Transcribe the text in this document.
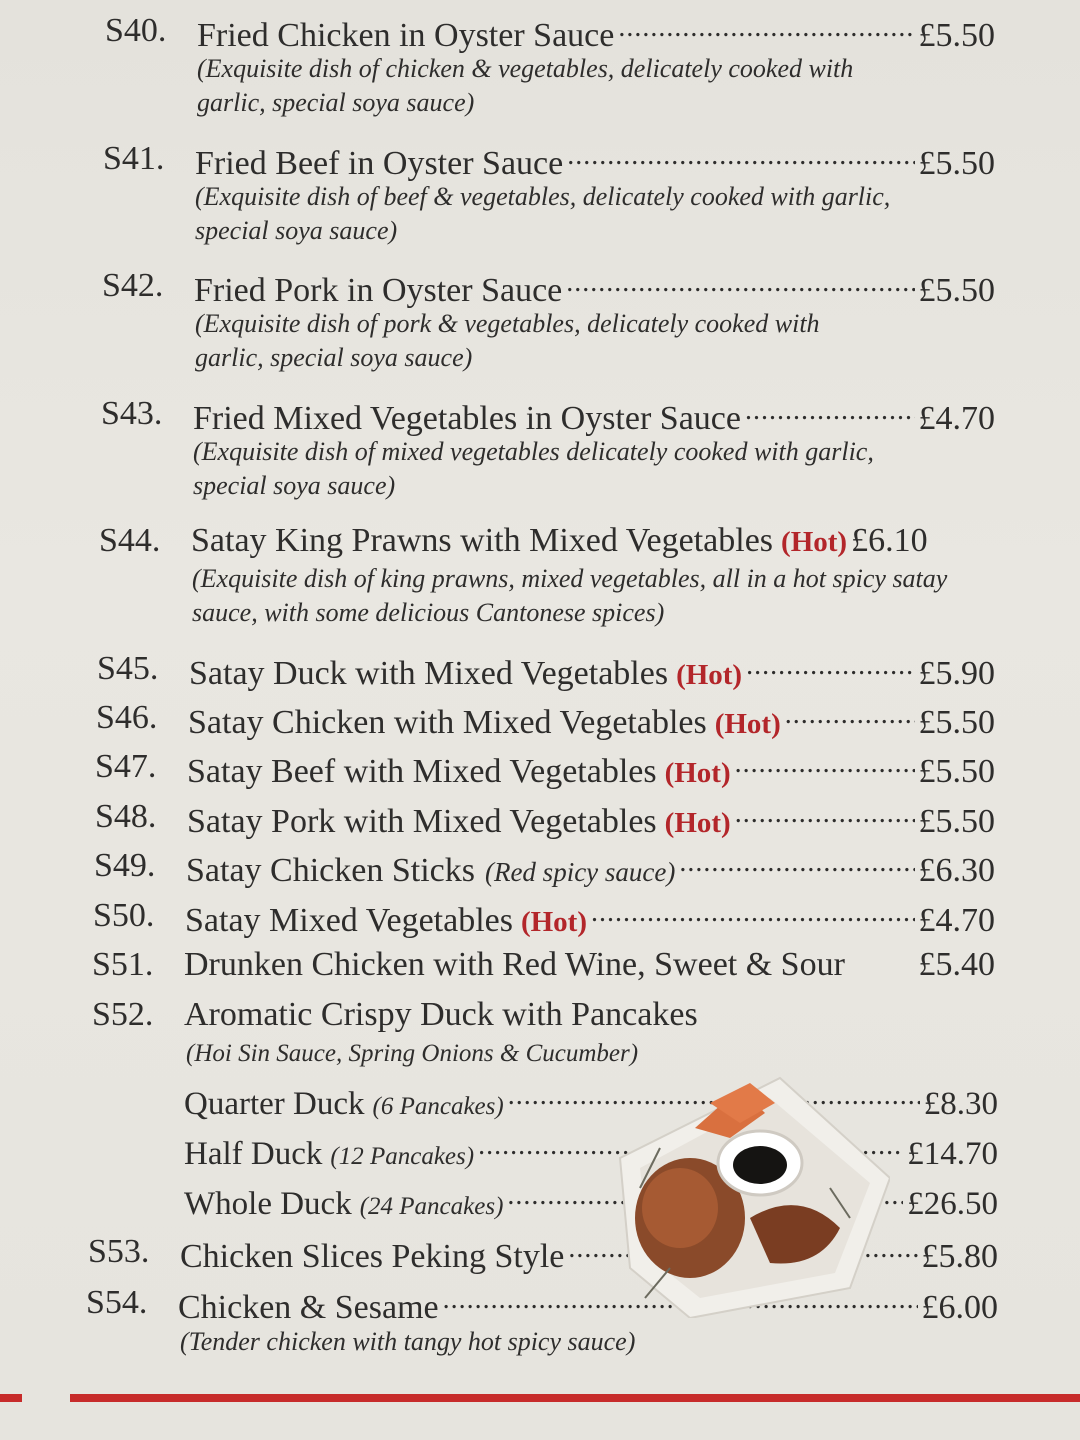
S40. Fried Chicken in Oyster Sauce .....	£5.50
(Exquisite dish of chicken & vegetables, delicately cooked with garlic, special soya sauce)
S41. Fried Beef in Oyster Sauce .....	£5.50
(Exquisite dish of beef & vegetables, delicately cooked with garlic, special soya sauce)
S42. Fried Pork in Oyster Sauce .....	£5.50
(Exquisite dish of pork & vegetables, delicately cooked with garlic, special soya sauce)
S43. Fried Mixed Vegetables in Oyster Sauce .....	£4.70
(Exquisite dish of mixed vegetables delicately cooked with garlic, special soya sauce)
S44. Satay King Prawns with Mixed Vegetables (Hot) £6.10
(Exquisite dish of king prawns, mixed vegetables, all in a hot spicy satay sauce, with some delicious Cantonese spices)
S45. Satay Duck with Mixed Vegetables (Hot) .....	£5.90
S46. Satay Chicken with Mixed Vegetables (Hot) .....	£5.50
S47. Satay Beef with Mixed Vegetables (Hot) .....	£5.50
S48. Satay Pork with Mixed Vegetables (Hot) .....	£5.50
S49. Satay Chicken Sticks (Red spicy sauce) .....	£6.30
S50. Satay Mixed Vegetables (Hot) .....	£4.70
S51. Drunken Chicken with Red Wine, Sweet & Sour £5.40
S52. Aromatic Crispy Duck with Pancakes
(Hoi Sin Sauce, Spring Onions & Cucumber)
Quarter Duck (6 Pancakes) .....	£8.30
Half Duck (12 Pancakes) .....	£14.70
Whole Duck (24 Pancakes) .....	£26.50
S53. Chicken Slices Peking Style .....	£5.80
S54. Chicken & Sesame .....	£6.00
(Tender chicken with tangy hot spicy sauce)
